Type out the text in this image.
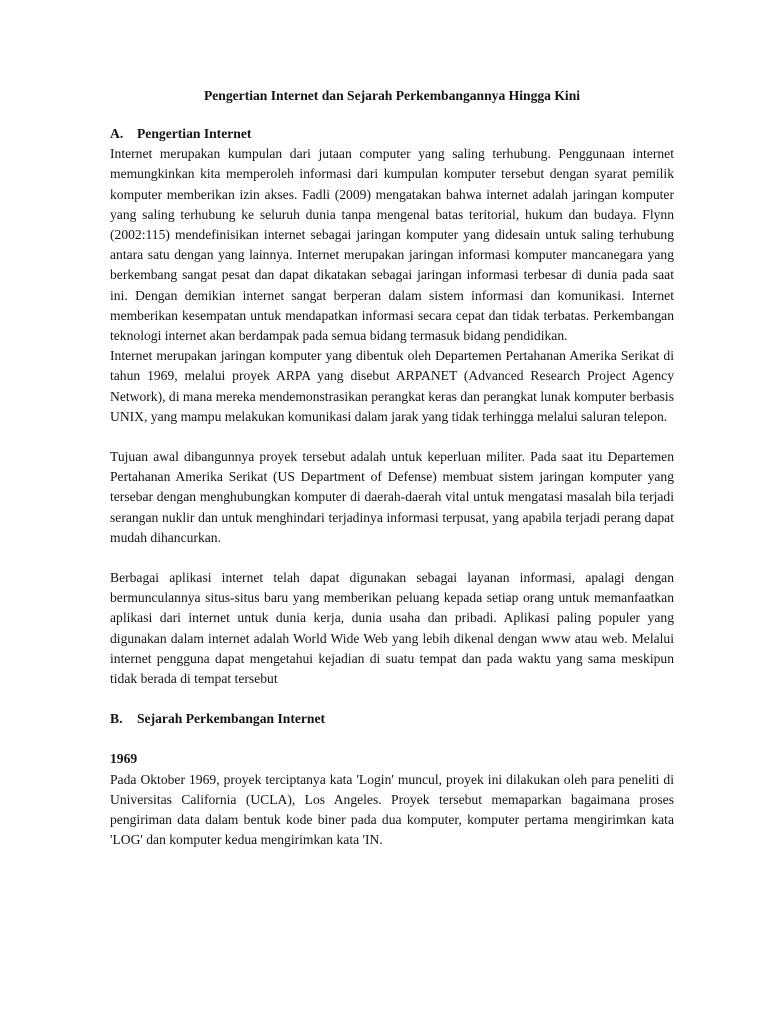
Pengertian Internet dan Sejarah Perkembangannya Hingga Kini

A.	Pengertian Internet

Internet merupakan kumpulan dari jutaan computer yang saling terhubung. Penggunaan internet memungkinkan kita memperoleh informasi dari kumpulan komputer tersebut dengan syarat pemilik komputer memberikan izin akses. Fadli (2009) mengatakan bahwa internet adalah jaringan komputer yang saling terhubung ke seluruh dunia tanpa mengenal batas teritorial, hukum dan budaya. Flynn (2002:115) mendefinisikan internet sebagai jaringan komputer yang didesain untuk saling terhubung antara satu dengan yang lainnya. Internet merupakan jaringan informasi komputer mancanegara yang berkembang sangat pesat dan dapat dikatakan sebagai jaringan informasi terbesar di dunia pada saat ini. Dengan demikian internet sangat berperan dalam sistem informasi dan komunikasi. Internet memberikan kesempatan untuk mendapatkan informasi secara cepat dan tidak terbatas. Perkembangan teknologi internet akan berdampak pada semua bidang termasuk bidang pendidikan.

Internet merupakan jaringan komputer yang dibentuk oleh Departemen Pertahanan Amerika Serikat di tahun 1969, melalui proyek ARPA yang disebut ARPANET (Advanced Research Project Agency Network), di mana mereka mendemonstrasikan perangkat keras dan perangkat lunak komputer berbasis UNIX, yang mampu melakukan komunikasi dalam jarak yang tidak terhingga melalui saluran telepon.

Tujuan awal dibangunnya proyek tersebut adalah untuk keperluan militer. Pada saat itu Departemen Pertahanan Amerika Serikat (US Department of Defense) membuat sistem jaringan komputer yang tersebar dengan menghubungkan komputer di daerah-daerah vital untuk mengatasi masalah bila terjadi serangan nuklir dan untuk menghindari terjadinya informasi terpusat, yang apabila terjadi perang dapat mudah dihancurkan.

Berbagai aplikasi internet telah dapat digunakan sebagai layanan informasi, apalagi dengan bermunculannya situs-situs baru yang memberikan peluang kepada setiap orang untuk memanfaatkan aplikasi dari internet untuk dunia kerja, dunia usaha dan pribadi. Aplikasi paling populer yang digunakan dalam internet adalah World Wide Web yang lebih dikenal dengan www atau web. Melalui internet pengguna dapat mengetahui kejadian di suatu tempat dan pada waktu yang sama meskipun tidak berada di tempat tersebut

B.	Sejarah Perkembangan Internet

1969

Pada Oktober 1969, proyek terciptanya kata 'Login' muncul, proyek ini dilakukan oleh para peneliti di Universitas California (UCLA), Los Angeles. Proyek tersebut memaparkan bagaimana proses pengiriman data dalam bentuk kode biner pada dua komputer, komputer pertama mengirimkan kata 'LOG' dan komputer kedua mengirimkan kata 'IN.
